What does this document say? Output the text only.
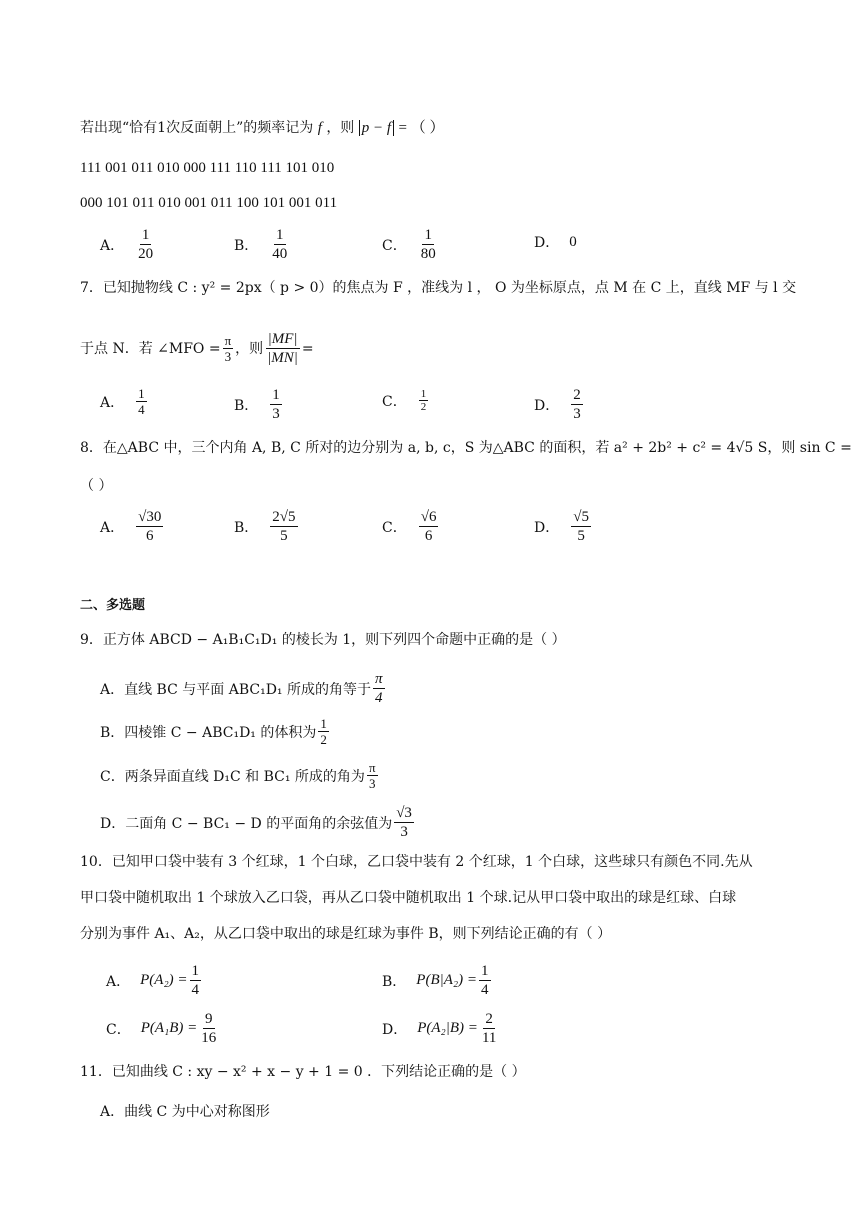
若出现“恰有1次反面朝上”的频率记为 f ，则 p − f = （ ）
111 001 011 010 000 111 110 111 101 010
000 101 011 010 001 011 100 101 001 011
A． $\frac{1}{20}$	B． $\frac{1}{40}$	C． $\frac{1}{80}$	D． 0
7．已知抛物线 C : y² = 2px（ p > 0）的焦点为 F ，准线为 l ， O 为坐标原点，点 M 在 C 上，直线 MF 与 l 交
于点 N．若 ∠MFO = $\frac{\pi}{3}$ ，则 $\frac{|MF|}{|MN|}$ =
A． $\frac{1}{4}$	B． $\frac{1}{3}$	C． $\frac{1}{2}$	D． $\frac{2}{3}$
8．在△ABC 中，三个内角 A, B, C 所对的边分别为 a, b, c，S 为△ABC 的面积，若 a² + 2b² + c² = 4√5 S，则 sin C =
（ ）
A． $\frac{√30}{6}$	B． $\frac{2√5}{5}$	C． $\frac{√6}{6}$	D． $\frac{√5}{5}$
二、多选题
9．正方体 ABCD − A₁B₁C₁D₁ 的棱长为 1，则下列四个命题中正确的是（ ）
A．直线 BC 与平面 ABC₁D₁ 所成的角等于 $\frac{\pi}{4}$
B．四棱锥 C − ABC₁D₁ 的体积为 $\frac{1}{2}$
C．两条异面直线 D₁C 和 BC₁ 所成的角为 $\frac{\pi}{3}$
D．二面角 C − BC₁ − D 的平面角的余弦值为 $\frac{√3}{3}$
10．已知甲口袋中装有 3 个红球，1 个白球，乙口袋中装有 2 个红球，1 个白球，这些球只有颜色不同.先从
甲口袋中随机取出 1 个球放入乙口袋，再从乙口袋中随机取出 1 个球.记从甲口袋中取出的球是红球、白球
分别为事件 A₁、A₂，从乙口袋中取出的球是红球为事件 B，则下列结论正确的有（ ）
A． $P(A_2) = \frac{1}{4}$	B． $P(B|A_2) = \frac{1}{4}$
C． $P(A_1B) = \frac{9}{16}$	D． $P(A_2|B) = \frac{2}{11}$
11．已知曲线 C : xy − x² + x − y + 1 = 0 ．下列结论正确的是（ ）
A．曲线 C 为中心对称图形
